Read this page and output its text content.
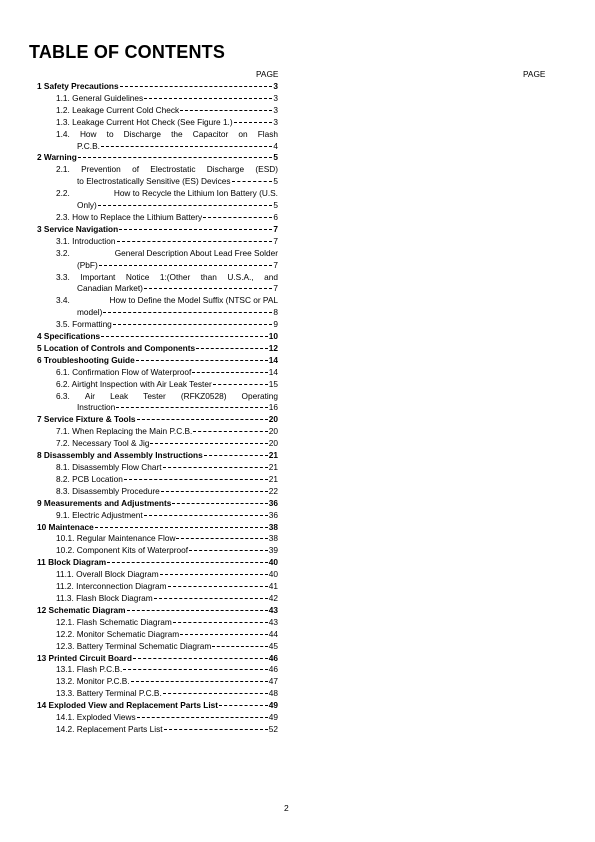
TABLE OF CONTENTS
PAGE	PAGE
1 Safety Precautions	3
1.1. General Guidelines	3
1.2. Leakage Current Cold Check	3
1.3. Leakage Current Hot Check (See Figure 1.)	3
1.4. How to Discharge the Capacitor on Flash
P.C.B.	4
2 Warning	5
2.1. Prevention of Electrostatic Discharge (ESD)
to Electrostatically Sensitive (ES) Devices	5
2.2.	How to Recycle the Lithium Ion Battery (U.S.
Only)	5
2.3. How to Replace the Lithium Battery	6
3 Service Navigation	7
3.1. Introduction	7
3.2.	General Description About Lead Free Solder
(PbF)	7
3.3. Important Notice 1:(Other than U.S.A., and
Canadian Market)	7
3.4.	How to Define the Model Suffix (NTSC or PAL
model)	8
3.5. Formatting	9
4 Specifications	10
5 Location of Controls and Components	12
6 Troubleshooting Guide	14
6.1. Confirmation Flow of Waterproof	14
6.2. Airtight Inspection with Air Leak Tester	15
6.3. Air Leak Tester (RFKZ0528) Operating
Instruction	16
7 Service Fixture & Tools	20
7.1. When Replacing the Main P.C.B.	20
7.2. Necessary Tool & Jig	20
8 Disassembly and Assembly Instructions	21
8.1. Disassembly Flow Chart	21
8.2. PCB Location	21
8.3. Disassembly Procedure	22
9 Measurements and Adjustments	36
9.1. Electric Adjustment	36
10 Maintenace	38
10.1. Regular Maintenance Flow	38
10.2. Component Kits of Waterproof	39
11 Block Diagram	40
11.1. Overall Block Diagram	40
11.2. Interconnection Diagram	41
11.3. Flash Block Diagram	42
12 Schematic Diagram	43
12.1. Flash Schematic Diagram	43
12.2. Monitor Schematic Diagram	44
12.3. Battery Terminal Schematic Diagram	45
13 Printed Circuit Board	46
13.1. Flash P.C.B.	46
13.2. Monitor P.C.B.	47
13.3. Battery Terminal P.C.B.	48
14 Exploded View and Replacement Parts List	49
14.1. Exploded Views	49
14.2. Replacement Parts List	52
2
